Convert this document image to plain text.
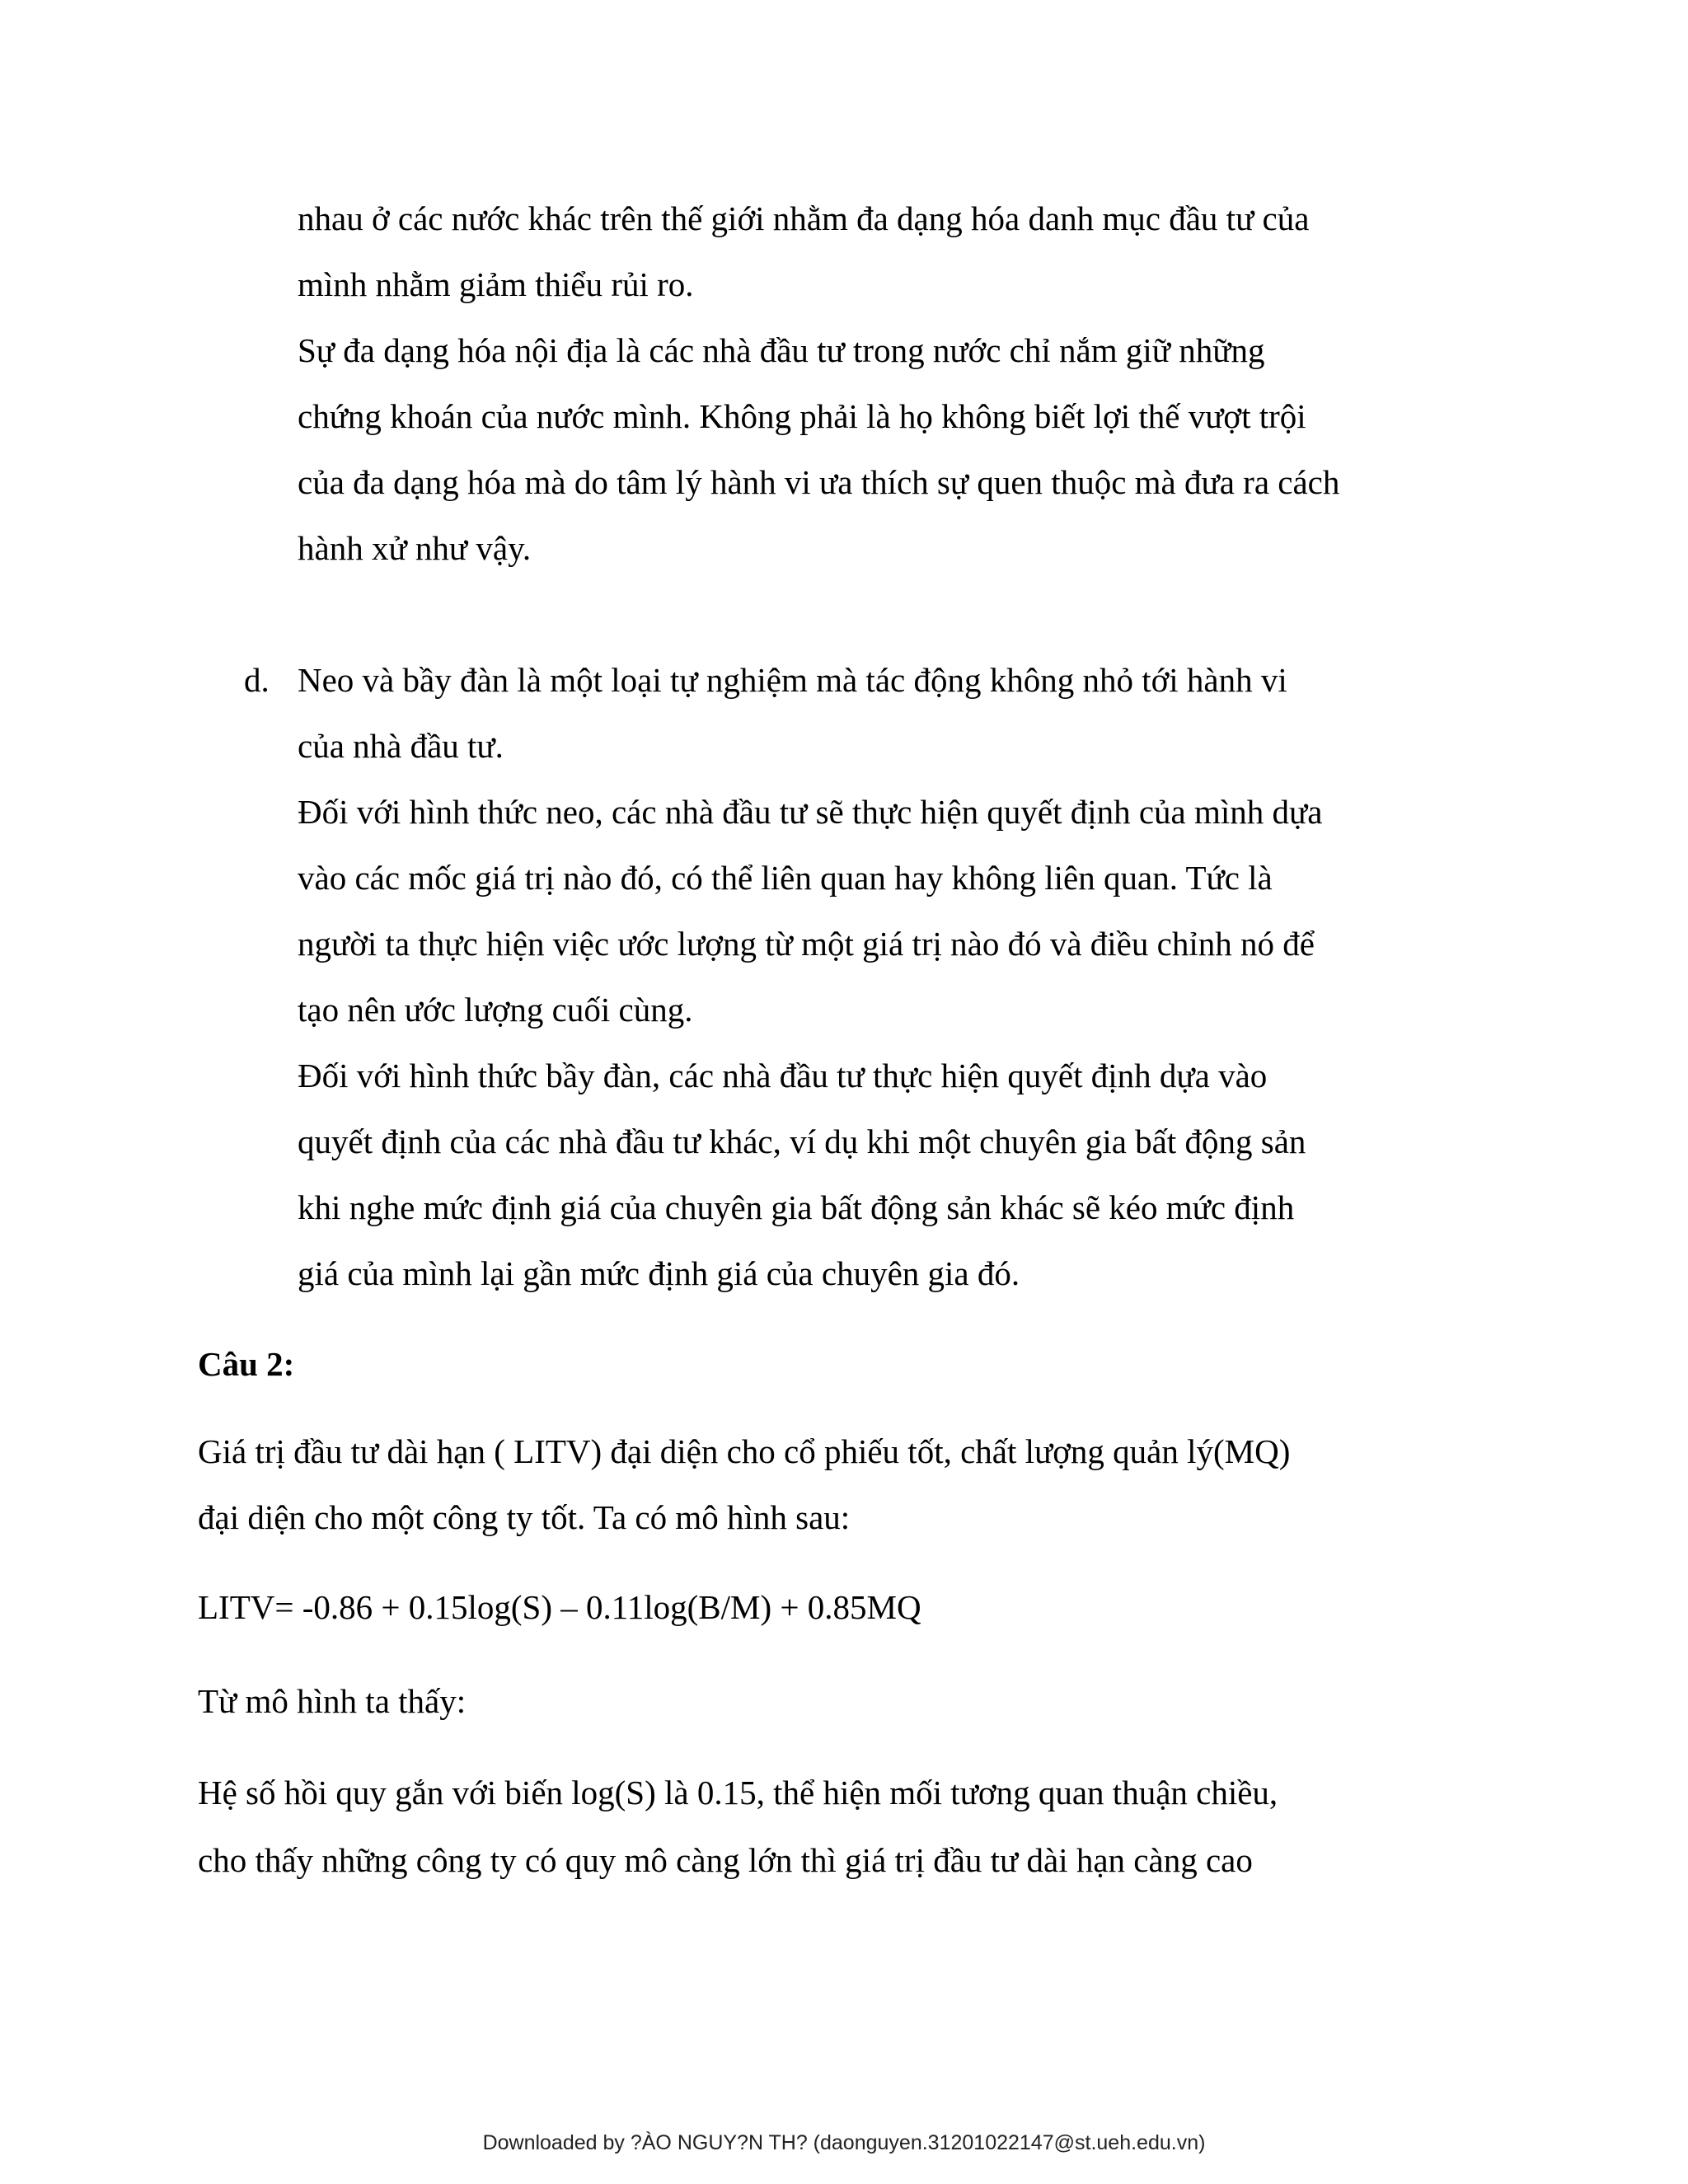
nhau ở các nước khác trên thế giới nhằm đa dạng hóa danh mục đầu tư của
mình nhằm giảm thiểu rủi ro.
Sự đa dạng hóa nội địa là các nhà đầu tư trong nước chỉ nắm giữ những
chứng khoán của nước mình. Không phải là họ không biết lợi thế vượt trội
của đa dạng hóa mà do tâm lý hành vi ưa thích sự quen thuộc mà đưa ra cách
hành xử như vậy.
d. Neo và bầy đàn là một loại tự nghiệm mà tác động không nhỏ tới hành vi
của nhà đầu tư.
Đối với hình thức neo, các nhà đầu tư sẽ thực hiện quyết định của mình dựa
vào các mốc giá trị nào đó, có thể liên quan hay không liên quan. Tức là
người ta thực hiện việc ước lượng từ một giá trị nào đó và điều chỉnh nó để
tạo nên ước lượng cuối cùng.
Đối với hình thức bầy đàn, các nhà đầu tư thực hiện quyết định dựa vào
quyết định của các nhà đầu tư khác, ví dụ khi một chuyên gia bất động sản
khi nghe mức định giá của chuyên gia bất động sản khác sẽ kéo mức định
giá của mình lại gần mức định giá của chuyên gia đó.
Câu 2:
Giá trị đầu tư dài hạn ( LITV) đại diện cho cổ phiếu tốt, chất lượng quản lý(MQ)
đại diện cho một công ty tốt. Ta có mô hình sau:
LITV= -0.86 + 0.15log(S) – 0.11log(B/M) + 0.85MQ
Từ mô hình ta thấy:
Hệ số hồi quy gắn với biến log(S) là 0.15, thể hiện mối tương quan thuận chiều,
cho thấy những công ty có quy mô càng lớn thì giá trị đầu tư dài hạn càng cao
Downloaded by ?ÀO NGUY?N TH? (daonguyen.31201022147@st.ueh.edu.vn)
